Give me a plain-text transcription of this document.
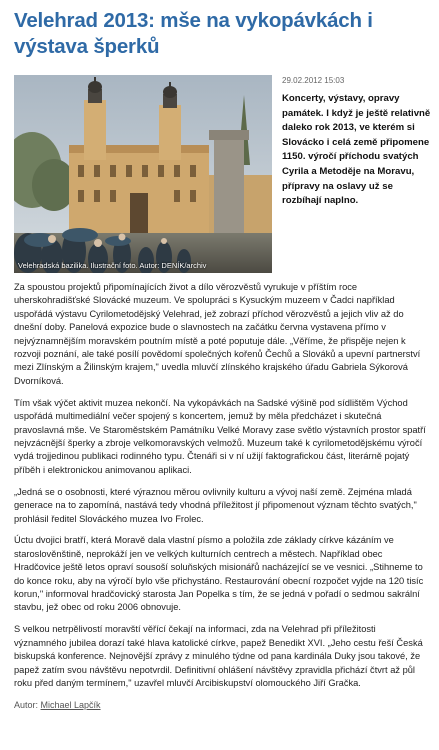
Velehrad 2013: mše na vykopávkách i výstava šperků
Velehradská bazilika. Ilustrační foto. Autor: DENÍK/archiv
29.02.2012 15:03
Koncerty, výstavy, opravy památek. I když je ještě relativně daleko rok 2013, ve kterém si Slovácko i celá země připomene 1150. výročí příchodu svatých Cyrila a Metoděje na Moravu, přípravy na oslavy už se rozbíhají naplno.

Za spoustou projektů připomínajících život a dílo věrozvěstů vyrukuje v příštím roce uherskohradišťské Slovácké muzeum. Ve spolupráci s Kysuckým muzeem v Čadci například uspořádá výstavu Cyrilometodějský Velehrad, jež zobrazí příchod věrozvěstů a jejich vliv až do dnešní doby. Panelová expozice bude o slavnostech na začátku června vystavena přímo v nejvýznamnějším moravském poutním místě a poté poputuje dále. „Věříme, že přispěje nejen k rozvoji poznání, ale také posílí povědomí společných kořenů Čechů a Slováků a upevní partnerství mezi Zlínským a Žilinským krajem," uvedla mluvčí zlínského krajského úřadu Gabriela Sýkorová Dvorníková.

Tím však výčet aktivit muzea nekončí. Na vykopávkách na Sadské výšině pod sídlištěm Východ uspořádá multimediální večer spojený s koncertem, jemuž by měla předcházet i skutečná pravoslavná mše. Ve Staroměstském Památníku Velké Moravy zase světlo výstavních prostor spatří nejvzácnější šperky a zbroje velkomoravských velmožů. Muzeum také k cyrilometodějskému výročí vydá trojjedinou publikaci rodinného typu. Čtenáři si v ní užijí faktografickou část, literárně pojatý příběh i elektronickou animovanou aplikaci.

„Jedná se o osobnosti, které výraznou měrou ovlivnily kulturu a vývoj naší země. Zejména mladá generace na to zapomíná, nastává tedy vhodná příležitost jí připomenout význam těchto svatých," prohlásil ředitel Slováckého muzea Ivo Frolec.

Úctu dvojici bratří, která Moravě dala vlastní písmo a položila zde základy církve kázáním ve staroslověnštině, neprokáží jen ve velkých kulturních centrech a městech. Například obec Hradčovice ještě letos opraví sousoší soluňských misionářů nacházející se ve vesnici. „Stihneme to do konce roku, aby na výročí bylo vše přichystáno. Restaurování obecní rozpočet vyjde na 120 tisíc korun," informoval hradčovický starosta Jan Popelka s tím, že se jedná v pořadí o sedmou sakrální stavbu, jež obec od roku 2006 obnovuje.

S velkou netrpělivostí moravští věřící čekají na informaci, zda na Velehrad při příležitosti významného jubilea dorazí také hlava katolické církve, papež Benedikt XVI. „Jeho cestu řeší Česká biskupská konference. Nejnovější zprávy z minulého týdne od pana kardinála Duky jsou takové, že papež zatím svou návštěvu nepotvrdil. Definitivní ohlášení návštěvy zpravidla přichází čtvrt až půl roku před daným termínem," uzavřel mluvčí Arcibiskupství olomouckého Jiří Gračka.

Autor: Michael Lapčík
